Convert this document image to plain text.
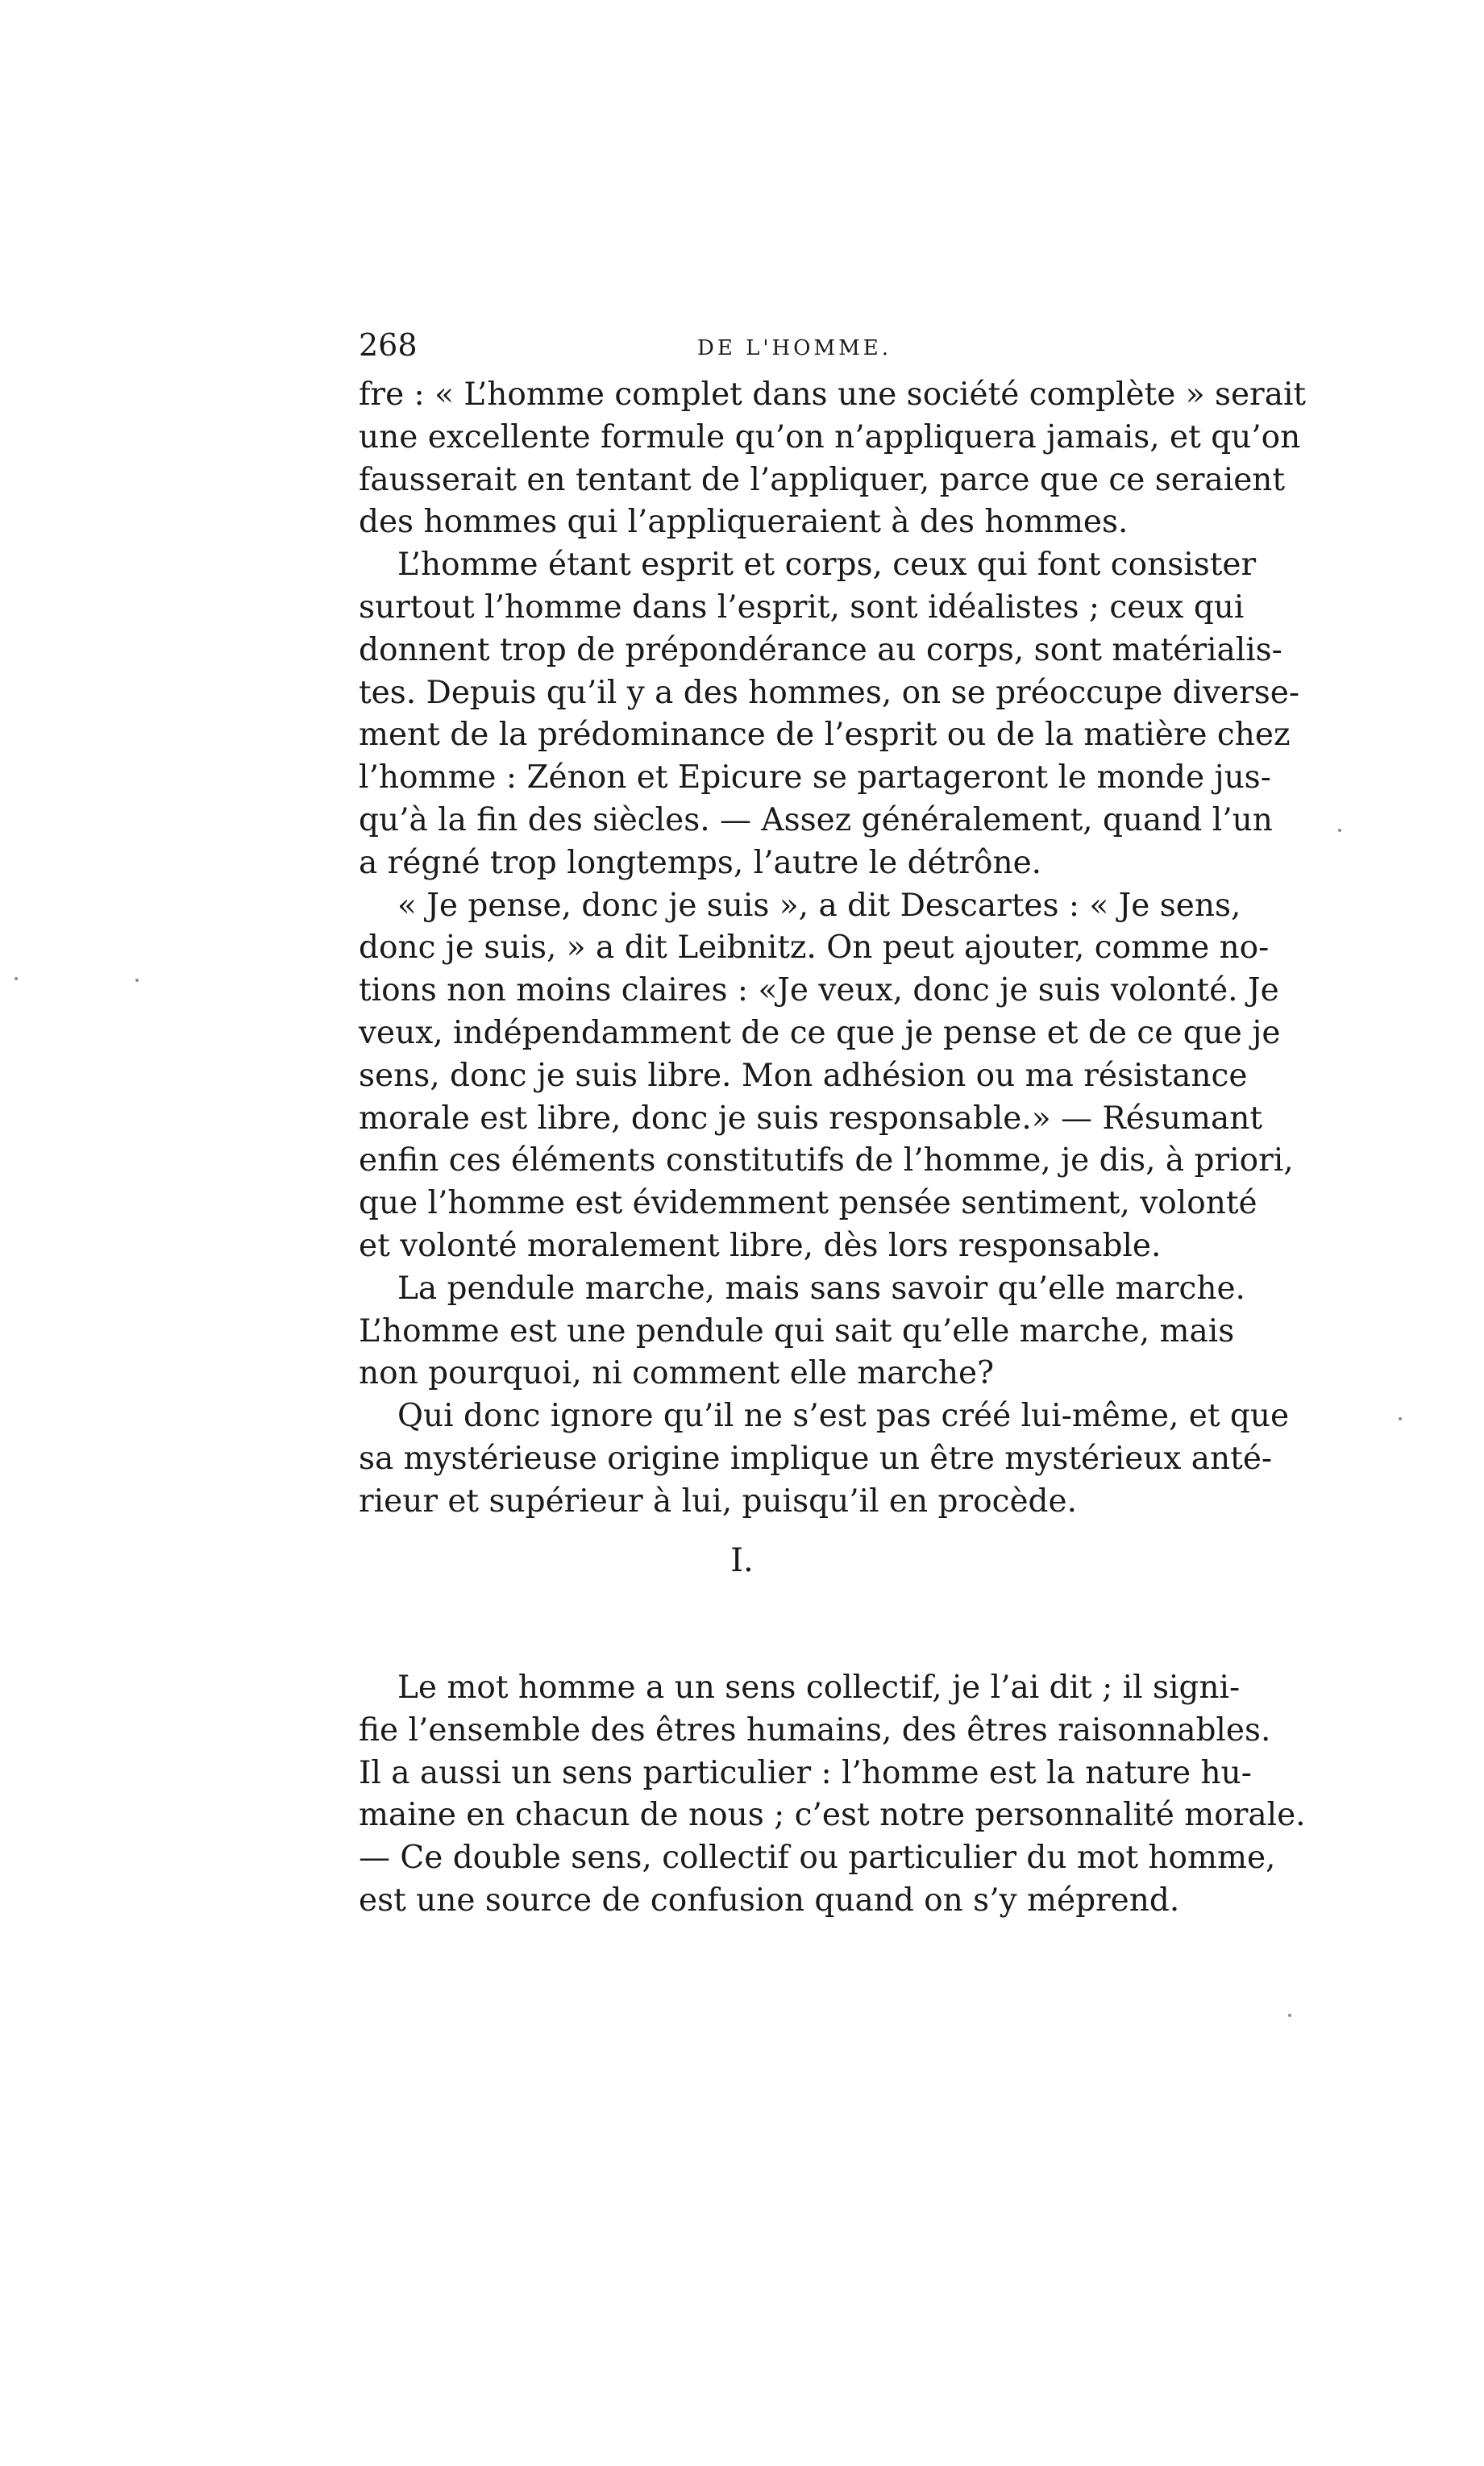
268	DE L'HOMME.
fre : « L’homme complet dans une société complète » serait
une excellente formule qu’on n’appliquera jamais, et qu’on
fausserait en tentant de l’appliquer, parce que ce seraient
des hommes qui l’appliqueraient à des hommes.
L’homme étant esprit et corps, ceux qui font consister
surtout l’homme dans l’esprit, sont idéalistes ; ceux qui
donnent trop de prépondérance au corps, sont matérialis-
tes. Depuis qu’il y a des hommes, on se préoccupe diverse-
ment de la prédominance de l’esprit ou de la matière chez
l’homme : Zénon et Epicure se partageront le monde jus-
qu’à la fin des siècles. — Assez généralement, quand l’un
a régné trop longtemps, l’autre le détrône.
« Je pense, donc je suis », a dit Descartes : « Je sens,
donc je suis, » a dit Leibnitz. On peut ajouter, comme no-
tions non moins claires : «Je veux, donc je suis volonté. Je
veux, indépendamment de ce que je pense et de ce que je
sens, donc je suis libre. Mon adhésion ou ma résistance
morale est libre, donc je suis responsable.» — Résumant
enfin ces éléments constitutifs de l’homme, je dis, à priori,
que l’homme est évidemment pensée sentiment, volonté
et volonté moralement libre, dès lors responsable.
La pendule marche, mais sans savoir qu’elle marche.
L’homme est une pendule qui sait qu’elle marche, mais
non pourquoi, ni comment elle marche?
Qui donc ignore qu’il ne s’est pas créé lui-même, et que
sa mystérieuse origine implique un être mystérieux anté-
rieur et supérieur à lui, puisqu’il en procède.
I.
Le mot homme a un sens collectif, je l’ai dit ; il signi-
fie l’ensemble des êtres humains, des êtres raisonnables.
Il a aussi un sens particulier : l’homme est la nature hu-
maine en chacun de nous ; c’est notre personnalité morale.
— Ce double sens, collectif ou particulier du mot homme,
est une source de confusion quand on s’y méprend.
